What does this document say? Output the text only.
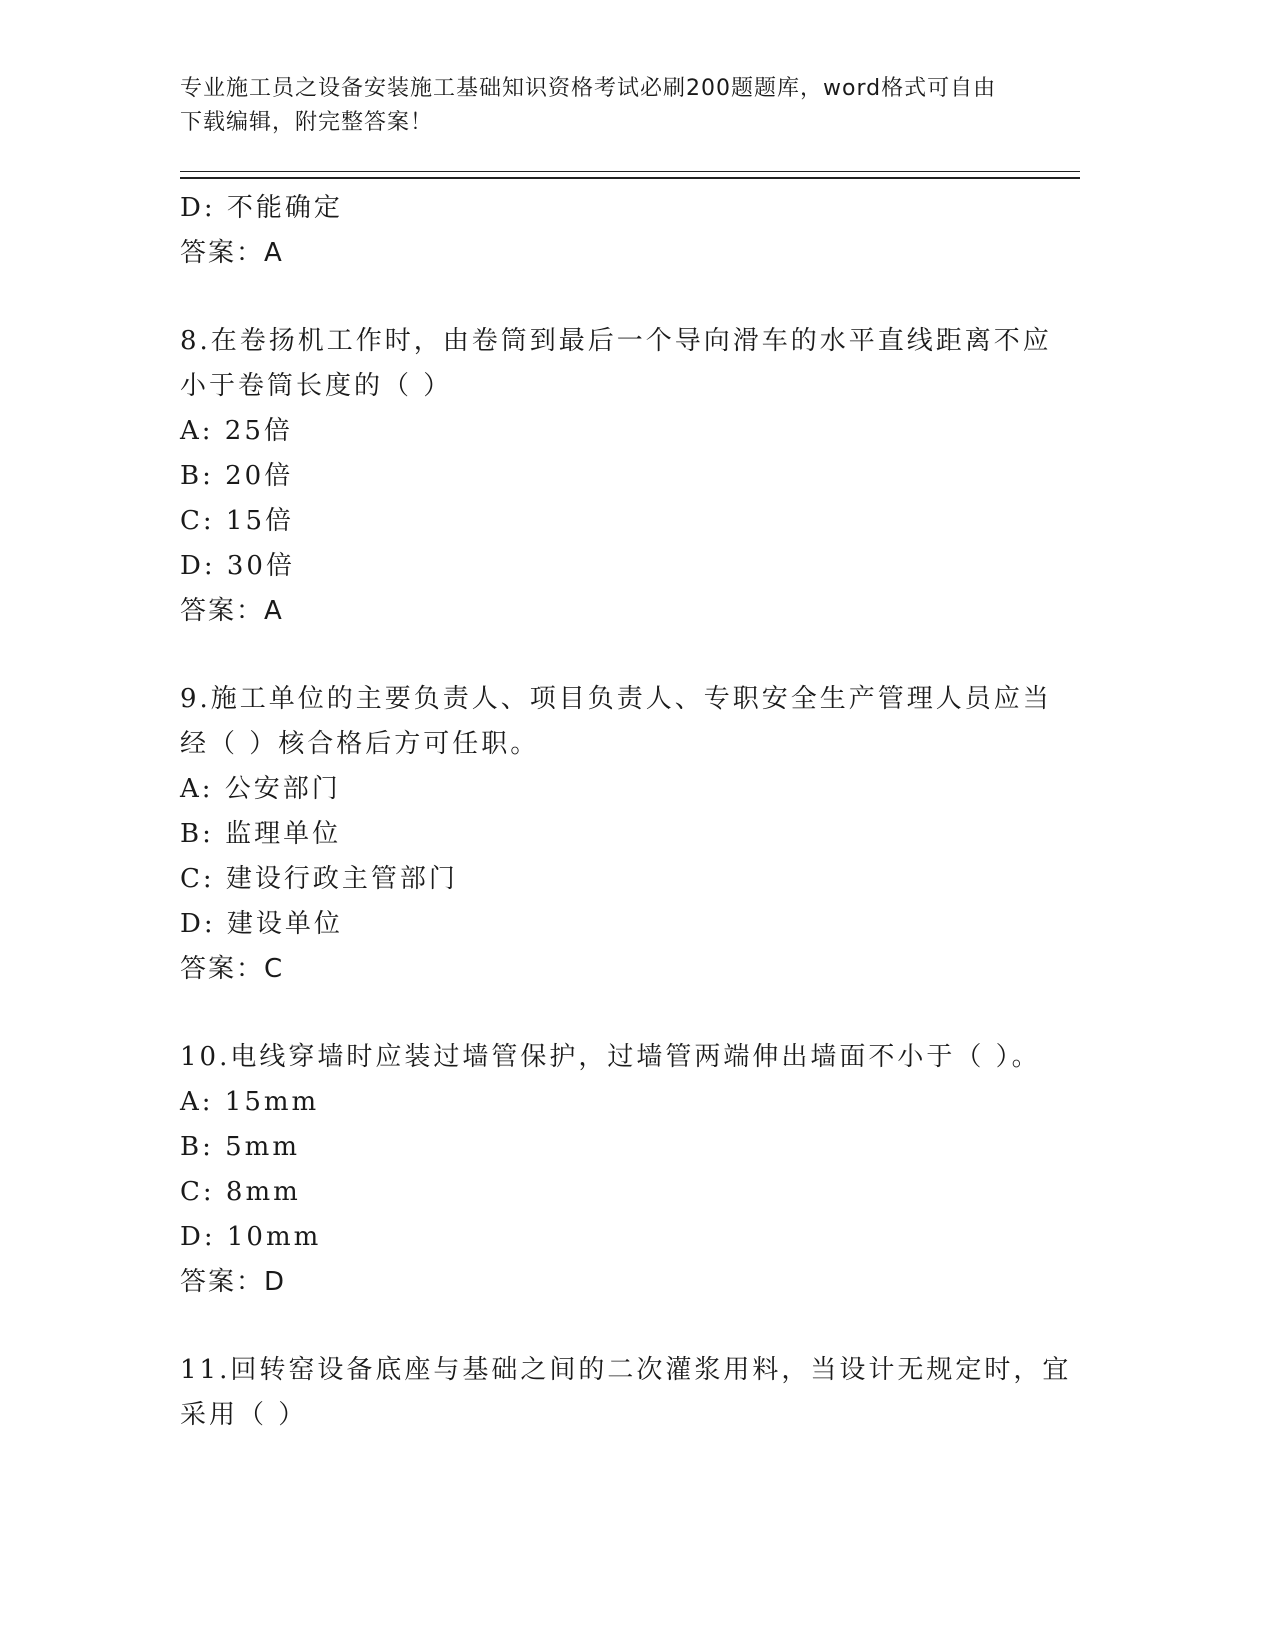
专业施工员之设备安装施工基础知识资格考试必刷200题题库，word格式可自由
下载编辑，附完整答案！
D: 不能确定
答案：A
8.在卷扬机工作时，由卷筒到最后一个导向滑车的水平直线距离不应
小于卷筒长度的（ ）
A: 25倍
B: 20倍
C: 15倍
D: 30倍
答案：A
9.施工单位的主要负责人、项目负责人、专职安全生产管理人员应当
经（ ）核合格后方可任职。
A: 公安部门
B: 监理单位
C: 建设行政主管部门
D: 建设单位
答案：C
10.电线穿墙时应装过墙管保护，过墙管两端伸出墙面不小于（ ）。
A: 15mm
B: 5mm
C: 8mm
D: 10mm
答案：D
11.回转窑设备底座与基础之间的二次灌浆用料，当设计无规定时，宜
采用（ ）
